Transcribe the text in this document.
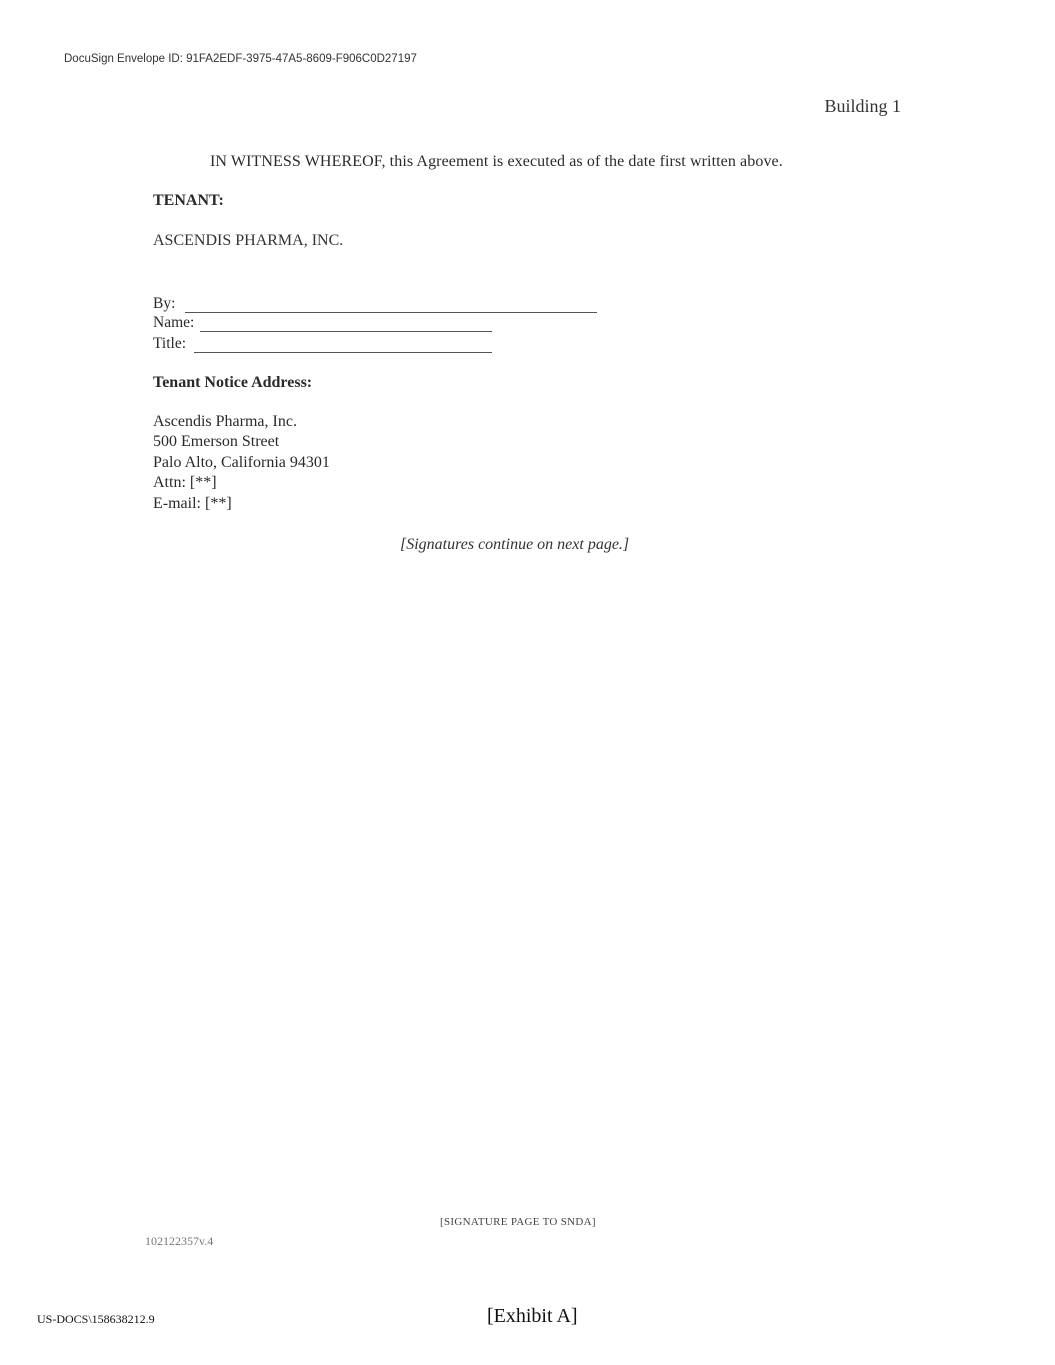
DocuSign Envelope ID: 91FA2EDF-3975-47A5-8609-F906C0D27197
Building 1
IN WITNESS WHEREOF, this Agreement is executed as of the date first written above.
TENANT:
ASCENDIS PHARMA, INC.
By:
Name:
Title:
Tenant Notice Address:
Ascendis Pharma, Inc.
500 Emerson Street
Palo Alto, California 94301
Attn: [**]
E-mail: [**]
[Signatures continue on next page.]
[SIGNATURE PAGE TO SNDA]
102122357v.4
US-DOCS\158638212.9	[Exhibit A]
